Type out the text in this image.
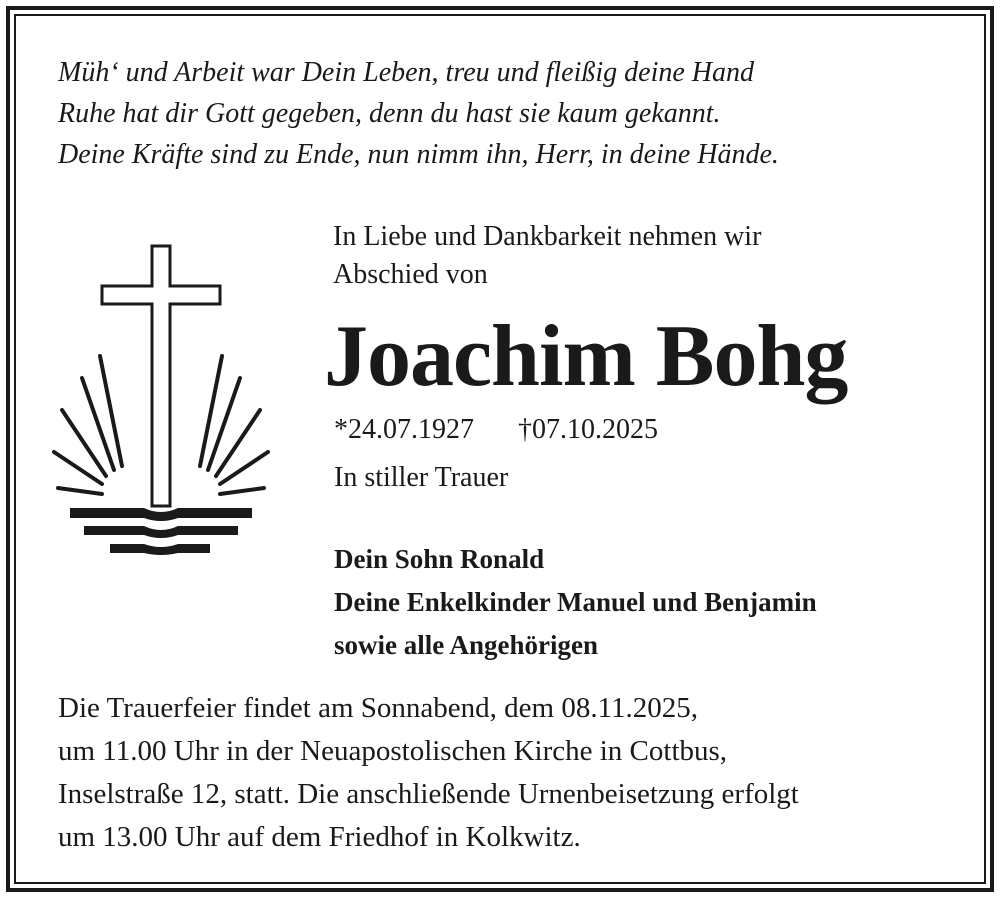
Müh‘ und Arbeit war Dein Leben, treu und fleißig deine Hand
Ruhe hat dir Gott gegeben, denn du hast sie kaum gekannt.
Deine Kräfte sind zu Ende, nun nimm ihn, Herr, in deine Hände.
In Liebe und Dankbarkeit nehmen wir
Abschied von
Joachim Bohg
*24.07.1927 †07.10.2025
In stiller Trauer
Dein Sohn Ronald
Deine Enkelkinder Manuel und Benjamin
sowie alle Angehörigen
Die Trauerfeier findet am Sonnabend, dem 08.11.2025,
um 11.00 Uhr in der Neuapostolischen Kirche in Cottbus,
Inselstraße 12, statt. Die anschließende Urnenbeisetzung erfolgt
um 13.00 Uhr auf dem Friedhof in Kolkwitz.
